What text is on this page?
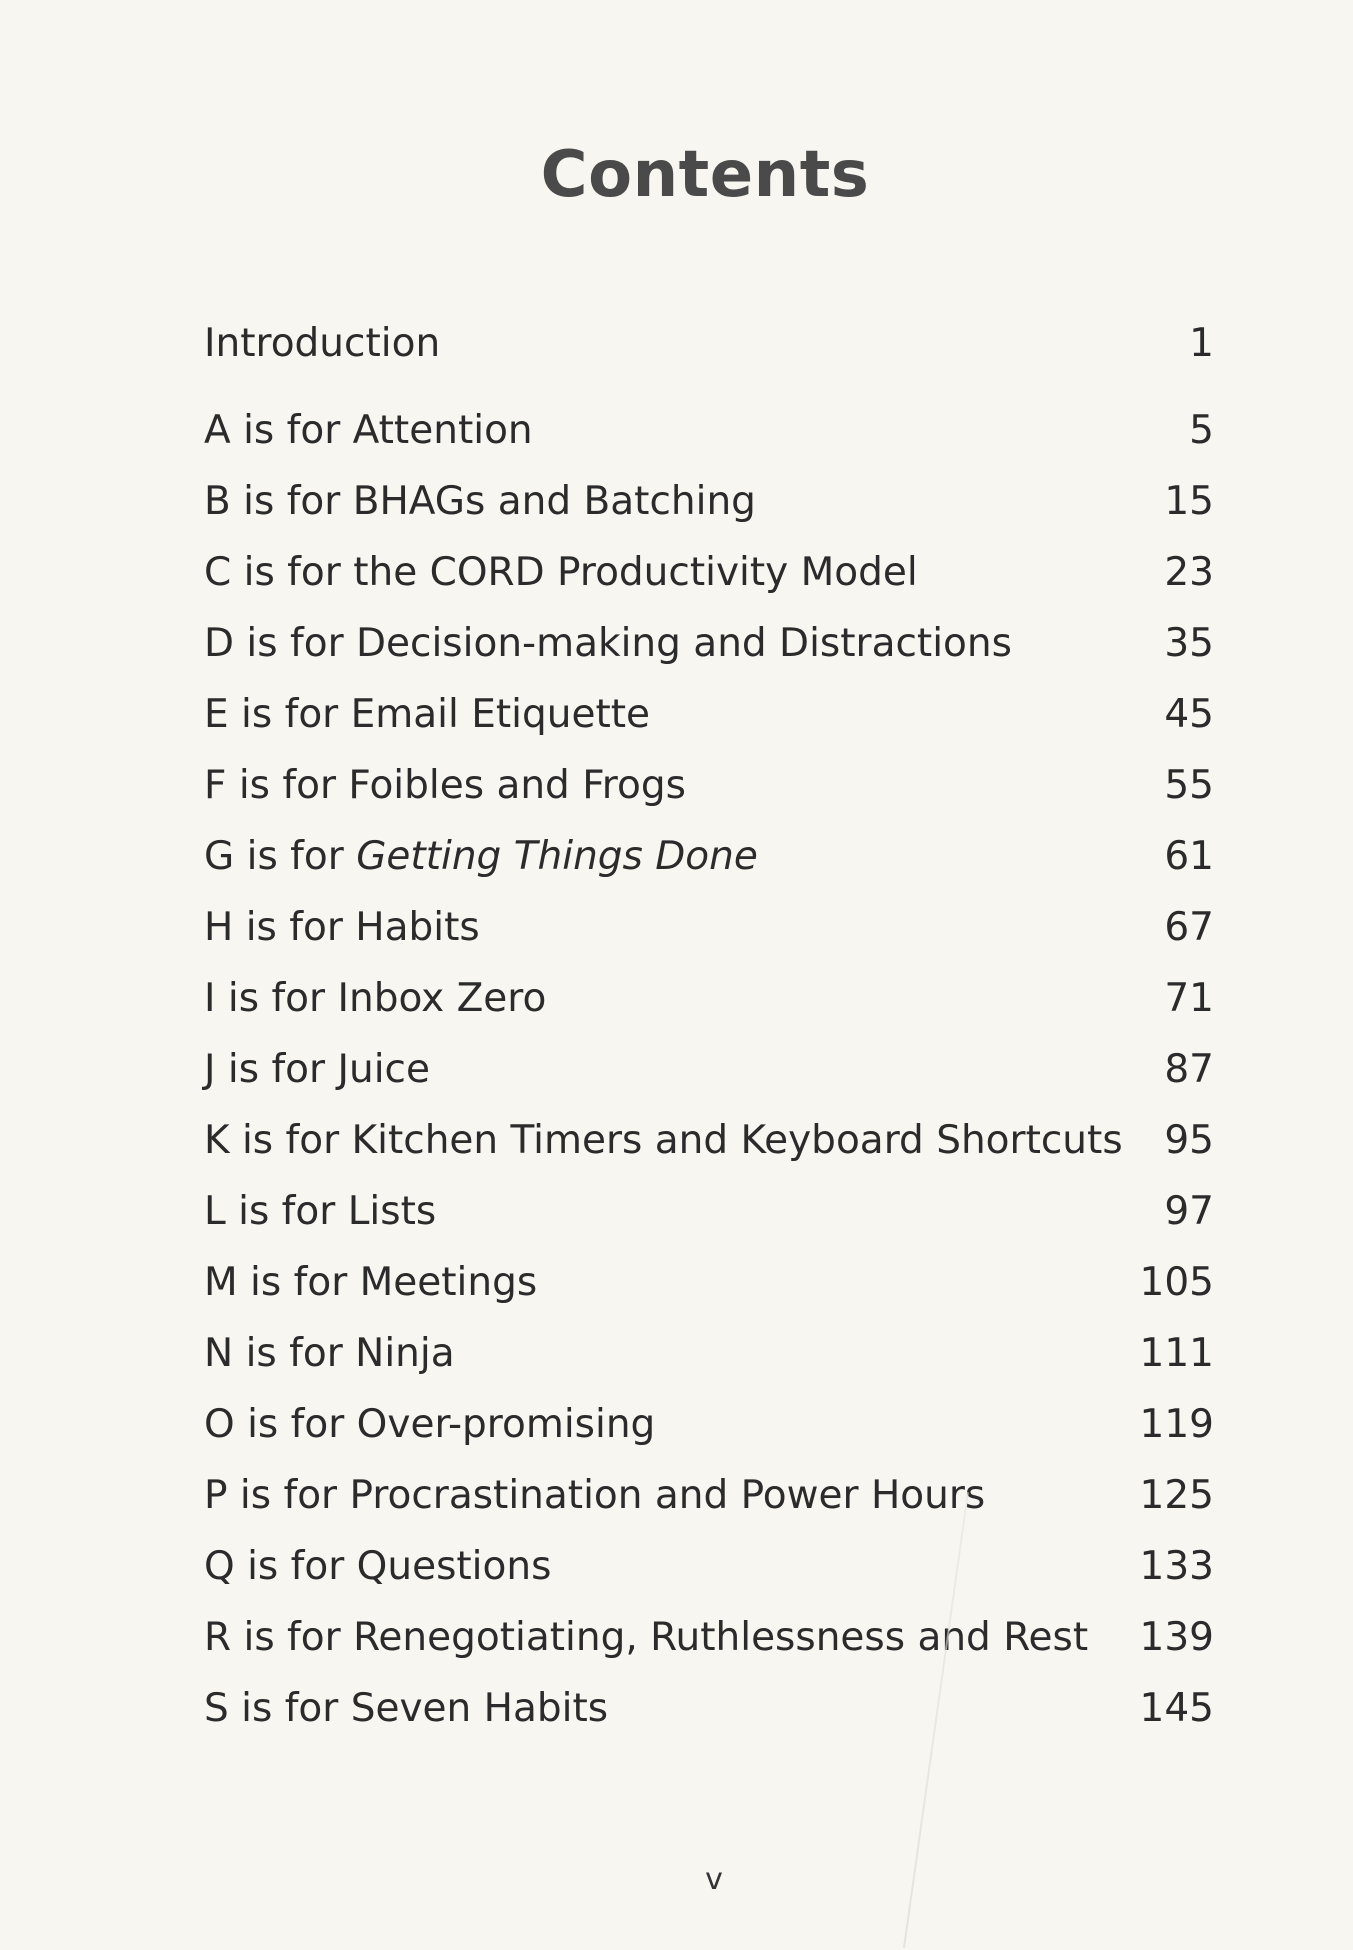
Contents
Introduction	1
A is for Attention	5
B is for BHAGs and Batching	15
C is for the CORD Productivity Model	23
D is for Decision-making and Distractions	35
E is for Email Etiquette	45
F is for Foibles and Frogs	55
G is for Getting Things Done	61
H is for Habits	67
I is for Inbox Zero	71
J is for Juice	87
K is for Kitchen Timers and Keyboard Shortcuts	95
L is for Lists	97
M is for Meetings	105
N is for Ninja	111
O is for Over-promising	119
P is for Procrastination and Power Hours	125
Q is for Questions	133
R is for Renegotiating, Ruthlessness and Rest	139
S is for Seven Habits	145
v
